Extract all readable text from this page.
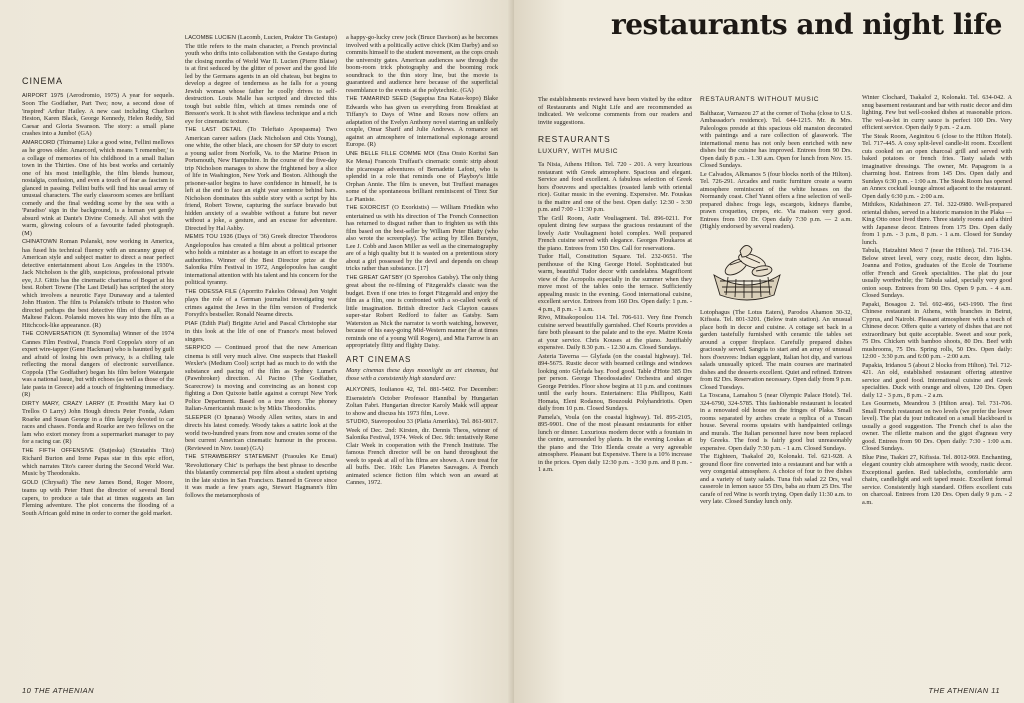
CINEMA

AIRPORT 1975 (Aerodromio, 1975) A year for sequels. Soon The Godfather, Part Two; now, a second dose of 'inspired' Arthur Hailey. A new cast including Charlton Heston, Karen Black, George Kennedy, Helen Reddy, Sid Caesar and Gloria Swanson. The story: a small plane crashes into a Jumbo! (GA)

AMARCORD (Thimame) Like a good wine, Fellini mellows as he grows older. Amarcord, which means 'I remember,' is a collage of memories of his childhood in a small Italian town in the Thirties. One of his best works and certainly one of his most intelligible, the film blends humour, nostalgia, confusion, and even a touch of fear as fascism is glanced in passing. Fellini buffs will find his usual army of unusual characters. The early classroom scenes are brilliant comedy and the final wedding scene by the sea with a 'Paradiso' sign in the background, is a human yet gently absurd wink at Dante's Divine Comedy. All shot with the warm, glowing colours of a favourite faded photograph. (M)

CHINATOWN Roman Polanski, now working in America, has fused his technical fluency with an uncanny grasp of American style and subject matter to direct a near perfect detective entertainment about Los Angeles in the 1930's. Jack Nicholson is the glib, suspicious, professional private eye, J.J. Gittis has the cinematic charisma of Bogart at his best. Robert Towne (The Last Detail) has scripted the story which involves a neurotic Faye Dunaway and a talented John Huston. The film is Polanski's tribute to Huston who directed perhaps the best detective film of them all, The Maltese Falcon. Polanski moves his way into the film as a Hitchcock-like appearance. (R)

THE CONVERSATION (E Synomilia) Winner of the 1974 Cannes Film Festival, Francis Ford Coppola's story of an expert wire-tapper (Gene Hackman) who is haunted by guilt and afraid of losing his own privacy, is a chilling tale reflecting the moral dangers of electronic surveillance. Coppola (The Godfather) began his film before Watergate was a national issue, but with echoes (as well as those of the late pasta in Greece) add a touch of frightening immediacy. (R)

DIRTY MARY, CRAZY LARRY (E Prostithi Mary kai O Trellos O Larry) John Hough directs Peter Fonda, Adam Roarke and Susan George in a film largely devoted to car races and chases. Fonda and Roarke are two fellows on the lam who extort money from a supermarket manager to pay for a racing car. (R)

THE FIFTH OFFENSIVE (Sutjeska) (Stratathis Tito) Richard Burton and Irene Papas star in this epic effort, which narrates Tito's career during the Second World War. Music by Theodorakis.

GOLD (Chrysafi) The new James Bond, Roger Moore, teams up with Peter Hunt the director of several Bond capers, to produce a tale that at times suggests an Ian Fleming adventure. The plot concerns the flooding of a South African gold mine in order to corner the gold market.

LACOMBE LUCIEN (Lacomb, Lucien, Praktor Tis Gestapo) The title refers to the main character, a French provincial youth who drifts into collaboration with the Gestapo during the closing months of World War II. Lucien (Pierre Blaise) is at first seduced by the glitter of power and the good life led by the Germans agents in an old chateau, but begins to develop a degree of tenderness as he falls for a young Jewish woman whose father he coolly drives to self-destruction. Louis Malle has scripted and directed this tough but subtle film, which at times reminds one of Bresson's work. It is shot with flawless technique and a rich eye for cinematic texture.

THE LAST DETAIL (To Teleftaio Apospasma) Two American career sailors (Jack Nicholson and Otis Young), one white, the other black, are chosen for SP duty to escort a young sailor from Norfolk, Va. to the Marine Prison in Portsmouth, New Hampshire. In the course of the five-day trip Nicholson manages to show the frightened boy a slice of life in Washington, New York and Boston. Although the prisoner-sailor begins to have confidence in himself, he is left at the end to face an eight year sentence behind bars. Nicholson dominates this subtle story with a script by his friend, Robert Towne, capturing the surface bravado but hidden anxiety of a swabbie without a future but never without a joke, a gesture, and an excuse for adventure. Directed by Hal Ashby.

MEMIS TOU 1936 (Days of '36) Greek director Theodoros Angelopoulos has created a film about a political prisoner who holds a minister as a hostage in an effort to escape the authorities. Winner of the Best Director prize at the Salonika Film Festival in 1972, Angelopoulos has caught international attention with his talent and his concern for the political tyranny.

THE ODESSA FILE (Aporrito Fakelos Odessa) Jon Voight plays the role of a German journalist investigating war crimes against the Jews in the film version of Frederick Forsyth's bestseller. Ronald Neame directs.

PIAF (Edith Piaf) Brigitte Ariel and Pascal Christophe star in this look at the life of one of France's most beloved singers.

SERPICO — Continued proof that the new American cinema is still very much alive. One suspects that Haskell Wexler's (Medium Cool) script had as much to do with the substance and pacing of the film as Sydney Lumet's (Pawnbroker) direction. Al Pacino (The Godfather, Scarecrow) is moving and convincing as an honest cop fighting a Don Quixote battle against a corrupt New York Police Department. Based on a true story. The phoney Italian-Americanish music is by Mikis Theodorakis.

SLEEPER (O Ipnaras) Woody Allen writes, stars in and directs his latest comedy. Woody takes a satiric look at the world two-hundred years from now and creates some of the best current American cinematic humour in the process. (Reviewed in Nov. issue) (GA)

THE STRAWBERRY STATEMENT (Fraoules Ke Emai) 'Revolutionary Chic' is perhaps the best phrase to describe this blatantly commercial pop film about a student uprising in the late sixties in San Francisco. Banned in Greece since it was made a few years ago, Stewart Hagmann's film follows the metamorphosis of

a happy-go-lucky crew jock (Bruce Davison) as he becomes involved with a politically active chick (Kim Darby) and so commits himself to the student movement, as the cops crush the university gates. American audiences saw through the boom-room trick photography and the booming rock soundtrack to the thin story line, but the movie is guaranteed and audience here because of the superficial resemblance to the events at the polytechnic. (GA)

THE TAMARIND SEED (Sagapisa Ena Katas-kopo) Blake Edwards who has given us everything from Breakfast at Tiffany's to Days of Wine and Roses now offers an adaptation of the Evelyn Anthony novel starring an unlikely couple, Omar Sharif and Julie Andrews. A romance set against an atmosphere of international espionage around Europe. (R)

UNE BELLE FILLE COMME MOI (Ena Oraio Koritsi San Ke Mena) Francois Truffaut's cinematic comic strip about the picaresque adventures of Bernadette Lafont, who is splendid in a role that reminds one of Playboy's little Orphan Annie. The film is uneven, but Truffaut manages some of the spontaneous brilliant reminiscent of Tirez Sur Le Pianiste.

THE EXORCIST (O Exorkistis) — William Friedkin who entertained us with his direction of The French Connection has returned to disgust rather than to frighten us with this film based on the best-seller by William Peter Blatty (who also wrote the screenplay). The acting by Ellen Burstyn, Lee J. Cobb and Jason Miller as well as the cinematography are of a high quality but it is wasted on a pretentious story about a girl possessed by the devil and depends on cheap tricks rather than substance. [17]

THE GREAT GATSBY (O Sperohos Gatsby). The only thing great about the re-filming of Fitzgerald's classic was the budget. Even if one tries to forget Fitzgerald and enjoy the film as a film, one is confronted with a so-called work of little imagination. British director Jack Clayton causes super-star Robert Redford to falter as Gatsby. Sam Waterston as Nick the narrator is worth watching, however, because of his easy-going Mid-Western manner (he at times reminds one of a young Will Rogers), and Mia Farrow is an appropriately flitty and flighty Daisy.

ART CINEMAS

Many cinemas these days moonlight as art cinemas, but those with a consistently high standard are:

ALKYONIS, Ioulianou 42, Tel. 881-5402. For December: Eisenstein's October Professor Hannibal by Hungarian Zoltan Fabri. Hungarian director Karoly Makk will appear to show and discuss his 1973 film, Love.

STUDIO, Stavropoulou 33 (Platia Amerikis). Tel. 861-9017. Week of Dec. 2nd: Kirsten, dir. Dennis Theos, winner of Salonika Festival, 1974. Week of Dec. 9th: tentatively Rene Clair Week in cooperation with the French Institute. The famous French director will be on hand throughout the week to speak at all of his films are shown. A rare treat for all buffs. Dec. 16th: Les Planetes Sauvages. A French animated science fiction film which won an award at Cannes, 1972.

10 THE ATHENIAN
restaurants and night life

The establishments reviewed have been visited by the editor of Restaurants and Night Life and are recommended as indicated. We welcome comments from our readers and invite suggestions.

RESTAURANTS
LUXURY, WITH MUSIC

Ta Nisia, Athens Hilton. Tel. 720 - 201. A very luxurious restaurant with Greek atmosphere. Spacious and elegant. Service and food excellent. A fabulous selection of Greek hors d'oeuvres and specialties (roasted lamb with oriental rice). Guitar music in the evening. Expensive. Mr. Fouskas is the maitre and one of the best. Open daily: 12:30 - 3:30 p.m. and 7:00 - 11:30 p.m.

The Grill Room, Astir Vouliagmeni. Tel. 896-0211. For opulent dining few surpass the gracious restaurant of the lovely Astir Vouliagmeni hotel complex. Well prepared French cuisine served with elegance. Georges Ploukaros at the piano. Entrees from 150 Drs. Call for reservations.

Tudor Hall, Constitution Square. Tel. 232-0651. The penthouse of the King George Hotel. Sophisticated but warm, beautiful Tudor decor with candelabra. Magnificent view of the Acropolis especially in the summer when they move most of the tables onto the terrace. Sufficiently appealing music in the evening. Good international cuisine, excellent service. Entrees from 160 Drs. Open daily: 1 p.m. - 4 p.m., 8 p.m. - 1 a.m.

Rivo, Mitsakopoulou 114. Tel. 706-611. Very fine French cuisine served beautifully garnished. Chef Kouris provides a fare both pleasant to the palate and to the eye. Maitre Kosta at your service. Chris Kouses at the piano. Justifiably expensive. Daily 8.30 p.m. - 12.30 a.m. Closed Sundays.

Asteria Taverna — Glyfada (on the coastal highway). Tel. 894-5675. Rustic decor with beamed ceilings and windows looking onto Glyfada bay. Food good. Table d'Hote 385 Drs per person. George Theodossiades' Orchestra and singer George Petrides. Floor show begins at 11 p.m. and continues until the early hours. Entertainers: Elia Phillipou, Kaiti Homata, Eleni Rodanou, Bouzouki Polyhandriotis. Open daily from 10 p.m. Closed Sundays.

Pamela's, Voula (on the coastal highway). Tel. 895-2105, 895-9901. One of the most pleasant restaurants for either lunch or dinner. Luxurious modern decor with a fountain in the centre, surrounded by plants. In the evening Loukas at the piano and the Trio Elenda create a very agreeable atmosphere. Pleasant but Expensive. There is a 10% increase in the prices. Open daily 12:30 p.m. - 3:30 p.m. and 8 p.m. - 1 a.m.

RESTAURANTS WITHOUT MUSIC

Balthazar, Varnazou 27 at the corner of Tsoha (close to U.S. Ambassador's residence). Tel. 644-1215. Mr. & Mrs. Paleologos preside at this spacious old mansion decorated with paintings and a rare collection of glasswork. The international menu has not only been enriched with new dishes but the cuisine has improved. Entrees from 90 Drs. Open daily 8 p.m. - 1.30 a.m. Open for lunch from Nov. 15. Closed Sundays.

Le Calvados, Alkmanos 5 (four blocks north of the Hilton). Tel. 726-291. Arcades and rustic furniture create a warm atmosphere reminiscent of the white houses on the Normandy coast. Chef Yanni offers a fine selection of well-prepared dishes: frogs legs, escargots, kidneys flambe, prawn croquettes, crepes, etc. Via maison very good. Entrees from 100 Dr. Open daily 7:30 p.m. — 2 a.m. (Highly endorsed by several readers).

Lotophagus (The Lotus Eaters), Parodos Ahamon 30-32, Kifissia. Tel. 801-3201. (Below train station). An unusual place both in decor and cuisine. A cottage set back in a garden tastefully furnished with ceramic tile tables set around a copper fireplace. Carefully prepared dishes graciously served. Sangria to start and an array of unusual hors d'oeuvres: Indian eggplant, Italian hot dip, and various salads unusually spiced. The main courses are marinated dishes and the desserts excellent. Quiet and refined. Entrees from 82 Drs. Reservation necessary. Open daily from 9 p.m. Closed Tuesdays.

La Toscana, Lamahou 5 (near Olympic Palace Hotel). Tel. 324-6790, 324-5785. This fashionable restaurant is located in a renovated old house on the fringes of Plaka. Small rooms separated by arches create a replica of a Tuscan house. Several rooms upstairs with handpainted ceilings and murals. The Italian personnel have now been replaced by Greeks. The food is fairly good but unreasonably expensive. Open daily 7:30 p.m. - 1 a.m. Closed Sundays.

The Eighteen, Tsakalof 20, Kolonaki. Tel. 621-928. A ground floor fire converted into a restaurant and bar with a very congenial atmosphere. A choice of four to five dishes and a variety of tasty salads. Tuna fish salad 22 Drs, veal casserole in lemon sauce 55 Drs, baba au rhum 25 Drs. The carafe of red Wine is worth trying. Open daily 11:30 a.m. to very late. Closed Sunday lunch only.

Winter Clochard, Tsakalof 2, Kolonaki. Tel. 634-042. A snug basement restaurant and bar with rustic decor and dim lighting. Few but well-cooked dishes at reasonable prices. The vol-au-lot in curry sauce is perfect 100 Drs. Very efficient service. Open daily 9 p.m. - 2 a.m.

The Steak Room, Aeginitou 6 (close to the Hilton Hotel). Tel. 717-445. A cosy split-level candle-lit room. Excellent cuts cooked on an open charcoal grill and served with baked potatoes or french fries. Tasty salads with imaginative dressings. The owner, Mr. Papagrom is a charming host. Entrees from 145 Drs. Open daily and Sundays 6:30 p.m. - 1:00 a.m. The Steak Room has opened an Annex cocktail lounge almost adjacent to the restaurant. Open daily 6:30 p.m. - 2:00 a.m.

Mithikos, Kidathineon 27. Tel. 322-0980. Well-prepared oriental dishes, served in a historic mansion in the Plaka — King Otto once lived there. Three stately rooms and a third with Japanese decor. Entrees from 175 Drs. Open daily from 1 p.m. - 3 p.m., 8 p.m. - 1 a.m. Closed for Sunday lunch.

Tabula, Hatzahini Mexi 7 (near the Hilton). Tel. 716-134. Below street level, very cozy, rustic decor, dim lights. Joanna and Fotios, graduates of the Ecole de Tourisme offer French and Greek specialities. The plat du jour usually worthwhile; the Tabula salad, specially very good onion soup. Entrees from 90 Drs. Open 9 p.m. - 4 a.m. Closed Sundays.

Papaki, Bosagou 2. Tel. 692-466, 643-1990. The first Chinese restaurant in Athens, with branches in Beirut, Cyprus, and Nairobi. Pleasant atmosphere with a touch of Chinese decor. Offers quite a variety of dishes that are not extraordinary but quite acceptable. Sweet and sour pork, 75 Drs. Chicken with bamboo shoots, 80 Drs. Beef with mushrooms, 75 Drs. Spring rolls, 50 Drs. Open daily: 12:00 - 3:30 p.m. and 6:00 p.m. - 2:00 a.m.

Papakia, Iridanou 5 (about 2 blocks from Hilton). Tel. 712-421. An old, established restaurant offering attentive service and good food. International cuisine and Greek specialties. Duck with orange and olives, 120 Drs. Open daily 12 - 3 p.m., 8 p.m. - 2 a.m.

Les Gourmets, Meandrou 3 (Hilton area). Tel. 731-706. Small French restaurant on two levels (we prefer the lower level). The plat du jour indicated on a small blackboard is usually a good suggestion. The French chef is also the owner. The rillette maison and the gigot d'agneau very good. Entrees from 90 Drs. Open daily: 7:30 - 1:00 a.m. Closed Sundays.

Blue Pine, Tsakiri 27, Kifissia. Tel. 8012-969. Enchanting, elegant country club atmosphere with woody, rustic decor. Exceptional garden. Red tablecloths, comfortable arm chairs, candlelight and soft taped music. Excellent formal service. Consistently high standard. Offers excellent cuts on charcoal. Entrees from 120 Drs. Open daily 9 p.m. - 2 a.m.

THE ATHENIAN 11
